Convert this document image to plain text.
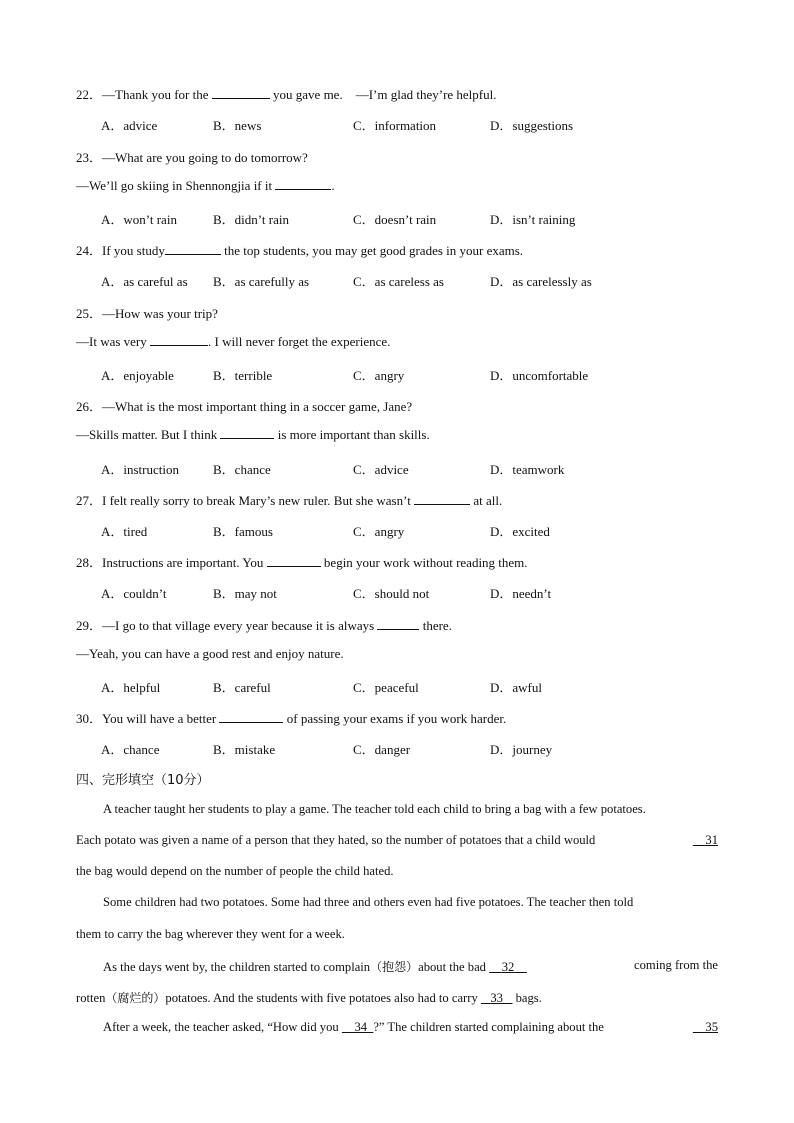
22．—Thank you for the	you gave me.　—I’m glad they’re helpful.
A．advice	B．news	C．information	D．suggestions
23．—What are you going to do tomorrow?
—We’ll go skiing in Shennongjia if it	.
A．won’t rain	B．didn’t rain	C．doesn’t rain	D．isn’t raining
24．If you study	the top students, you may get good grades in your exams.
A．as careful as B．as carefully as	C．as careless as	D．as carelessly as
25．—How was your trip?
—It was very	. I will never forget the experience.
A．enjoyable	B．terrible	C．angry	D．uncomfortable
26．—What is the most important thing in a soccer game, Jane?
—Skills matter. But I think	is more important than skills.
A．instruction	B．chance	C．advice	D．teamwork
27．I felt really sorry to break Mary’s new ruler. But she wasn’t	at all.
A．tired	B．famous	C．angry	D．excited
28．Instructions are important. You	begin your work without reading them.
A．couldn’t	B．may not	C．should not	D．needn’t
29．—I go to that village every year because it is always	there.
—Yeah, you can have a good rest and enjoy nature.
A．helpful	B．careful	C．peaceful	D．awful
30．You will have a better	of passing your exams if you work harder.
A．chance	B．mistake	C．danger	D．journey
四、完形填空（10分）
A teacher taught her students to play a game. The teacher told each child to bring a bag with a few potatoes.
Each potato was given a name of a person that they hated, so the number of potatoes that a child would	31
the bag would depend on the number of people the child hated.
Some children had two potatoes. Some had three and others even had five potatoes. The teacher then told
them to carry the bag wherever they went for a week.
As the days went by, the children started to complain（抱怨）about the bad 32	coming from the
rotten（腐烂的）potatoes. And the students with five potatoes also had to carry 33 bags.
After a week, the teacher asked, “How did you 34 ?” The children started complaining about the	35
